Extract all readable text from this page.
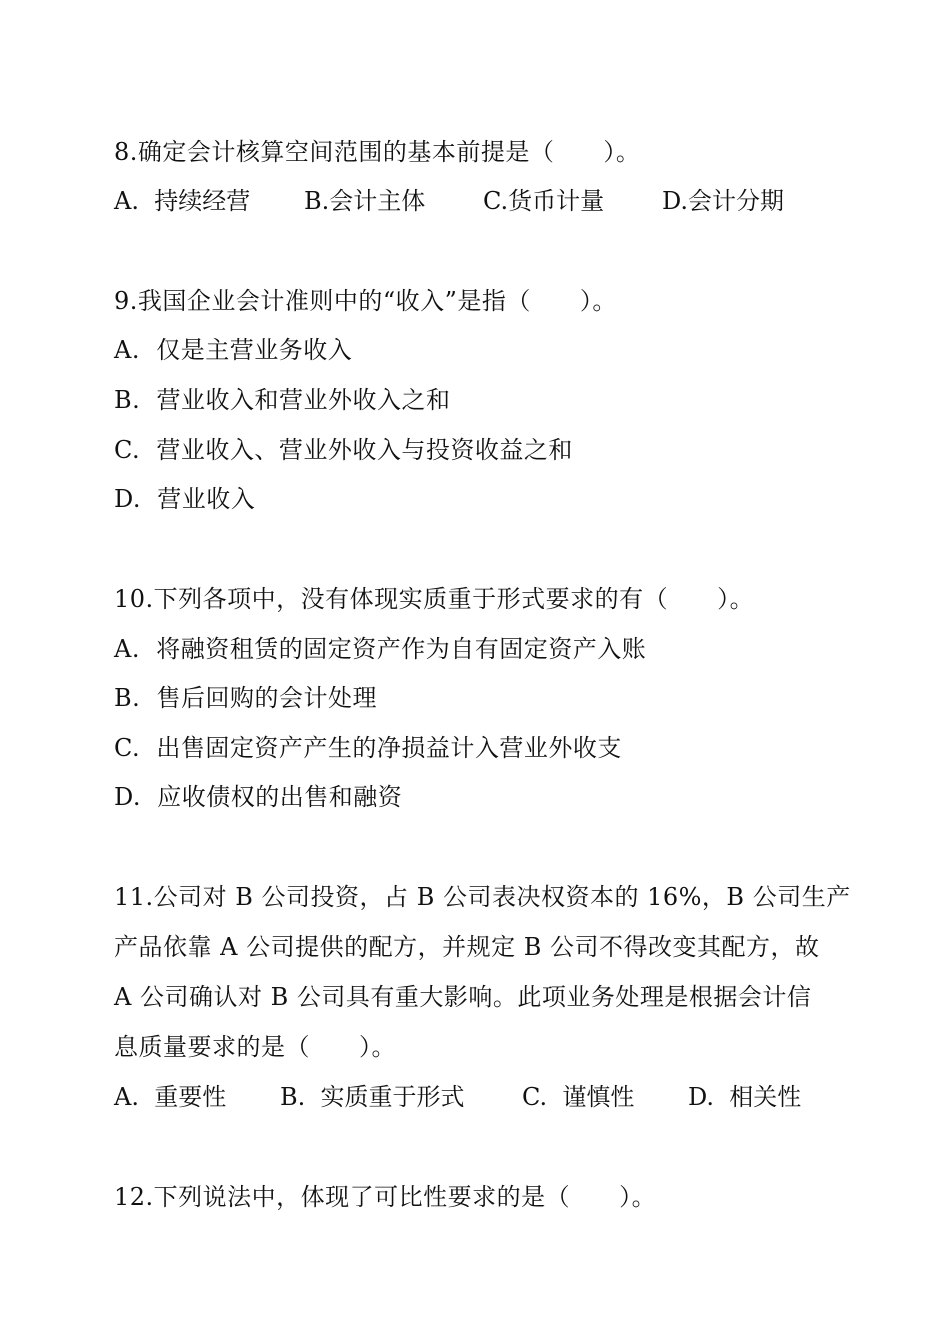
8.确定会计核算空间范围的基本前提是（　　）。

A.  持续经营

B.会计主体

C.货币计量

D.会计分期

9.我国企业会计准则中的“收入”是指（　　）。
A.  仅是主营业务收入
B.  营业收入和营业外收入之和
C.  营业收入、营业外收入与投资收益之和
D.  营业收入
10.下列各项中，没有体现实质重于形式要求的有（　　）。
A.  将融资租赁的固定资产作为自有固定资产入账
B.  售后回购的会计处理
C.  出售固定资产产生的净损益计入营业外收支
D.  应收债权的出售和融资
11.公司对 B 公司投资，占 B 公司表决权资本的 16%，B 公司生产
产品依靠 A 公司提供的配方，并规定 B 公司不得改变其配方，故
A 公司确认对 B 公司具有重大影响。此项业务处理是根据会计信
息质量要求的是（　　）。

A.  重要性

B.  实质重于形式

C.  谨慎性

D.  相关性

12.下列说法中，体现了可比性要求的是（　　）。
